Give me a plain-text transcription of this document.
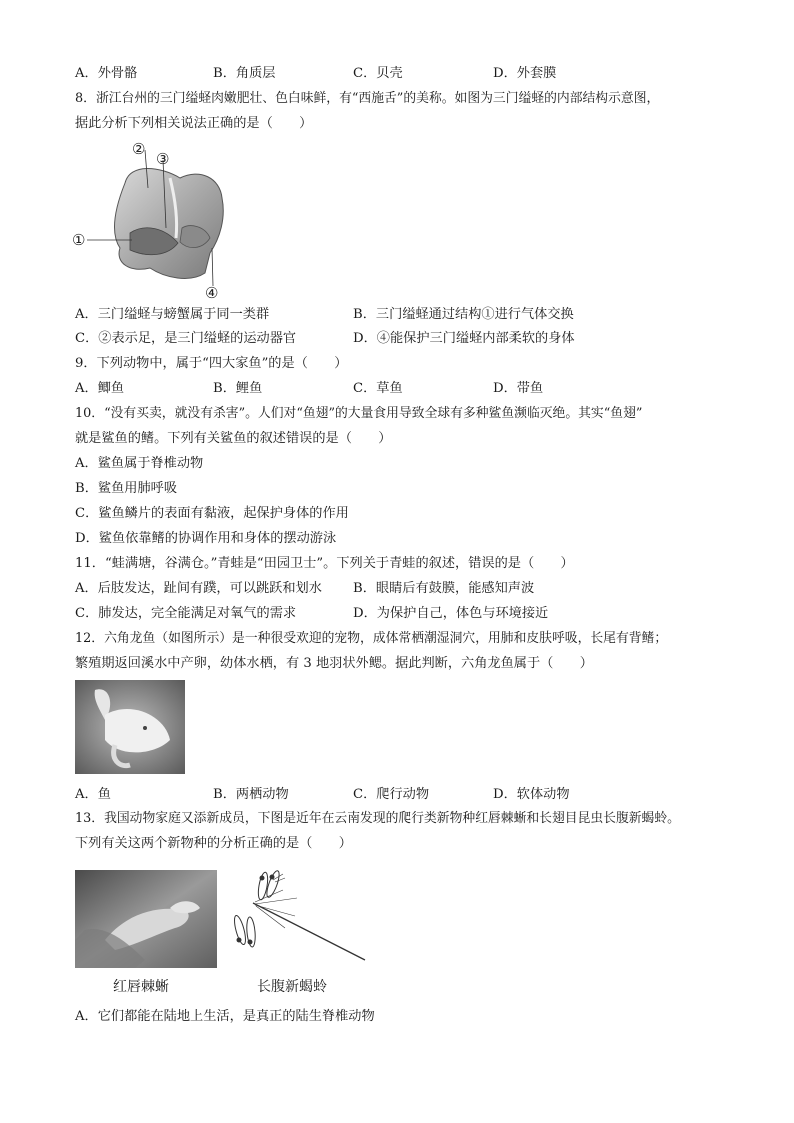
A．外骨骼	B．角质层	C．贝壳	D．外套膜
8．浙江台州的三门缢蛏肉嫩肥壮、色白味鲜，有“西施舌”的美称。如图为三门缢蛏的内部结构示意图，
据此分析下列相关说法正确的是（　　）
②
③
①
④
A．三门缢蛏与螃蟹属于同一类群	B．三门缢蛏通过结构①进行气体交换
C．②表示足，是三门缢蛏的运动器官	D．④能保护三门缢蛏内部柔软的身体
9．下列动物中，属于“四大家鱼”的是（　　）
A．鲫鱼	B．鲤鱼	C．草鱼	D．带鱼
10．“没有买卖，就没有杀害”。人们对“鱼翅”的大量食用导致全球有多种鲨鱼濒临灭绝。其实“鱼翅”
就是鲨鱼的鳍。下列有关鲨鱼的叙述错误的是（　　）
A．鲨鱼属于脊椎动物
B．鲨鱼用肺呼吸
C．鲨鱼鳞片的表面有黏液，起保护身体的作用
D．鲨鱼依靠鳍的协调作用和身体的摆动游泳
11．“蛙满塘，谷满仓。”青蛙是“田园卫士”。下列关于青蛙的叙述，错误的是（　　）
A．后肢发达，趾间有蹼，可以跳跃和划水 B．眼睛后有鼓膜，能感知声波
C．肺发达，完全能满足对氧气的需求	D．为保护自己，体色与环境接近
12．六角龙鱼（如图所示）是一种很受欢迎的宠物，成体常栖潮湿洞穴，用肺和皮肤呼吸，长尾有背鳍；
繁殖期返回溪水中产卵，幼体水栖，有 3 地羽状外鳃。据此判断，六角龙鱼属于（　　）
A．鱼	B．两栖动物	C．爬行动物	D．软体动物
13．我国动物家庭又添新成员，下图是近年在云南发现的爬行类新物种红唇棘蜥和长翅目昆虫长腹新蝎蛉。
下列有关这两个新物种的分析正确的是（　　）
红唇棘蜥	长腹新蝎蛉
A．它们都能在陆地上生活，是真正的陆生脊椎动物
